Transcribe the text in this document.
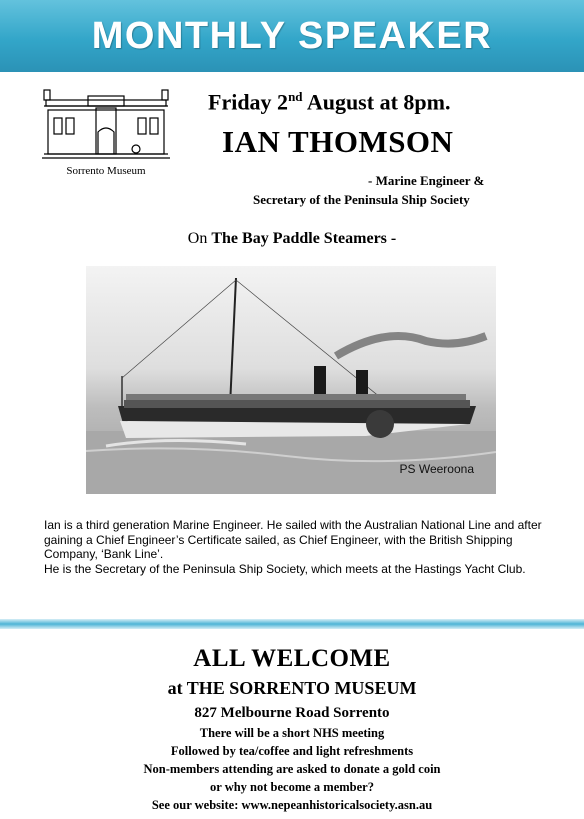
MONTHLY SPEAKER
Sorrento Museum
Friday 2nd August at 8pm.
IAN THOMSON
- Marine Engineer &
Secretary of the Peninsula Ship Society
On The Bay Paddle Steamers -
PS Weeroona

Ian is a third generation Marine Engineer. He sailed with the Australian National Line and after gaining a Chief Engineer’s Certificate sailed, as Chief Engineer, with the British Shipping Company, ‘Bank Line’.

He is the Secretary of the Peninsula Ship Society, which meets at the Hastings Yacht Club.

ALL WELCOME
at THE SORRENTO MUSEUM
827 Melbourne Road Sorrento
There will be a short NHS meeting
Followed by tea/coffee and light refreshments
Non-members attending are asked to donate a gold coin
or why not become a member?
See our website: www.nepeanhistoricalsociety.asn.au
